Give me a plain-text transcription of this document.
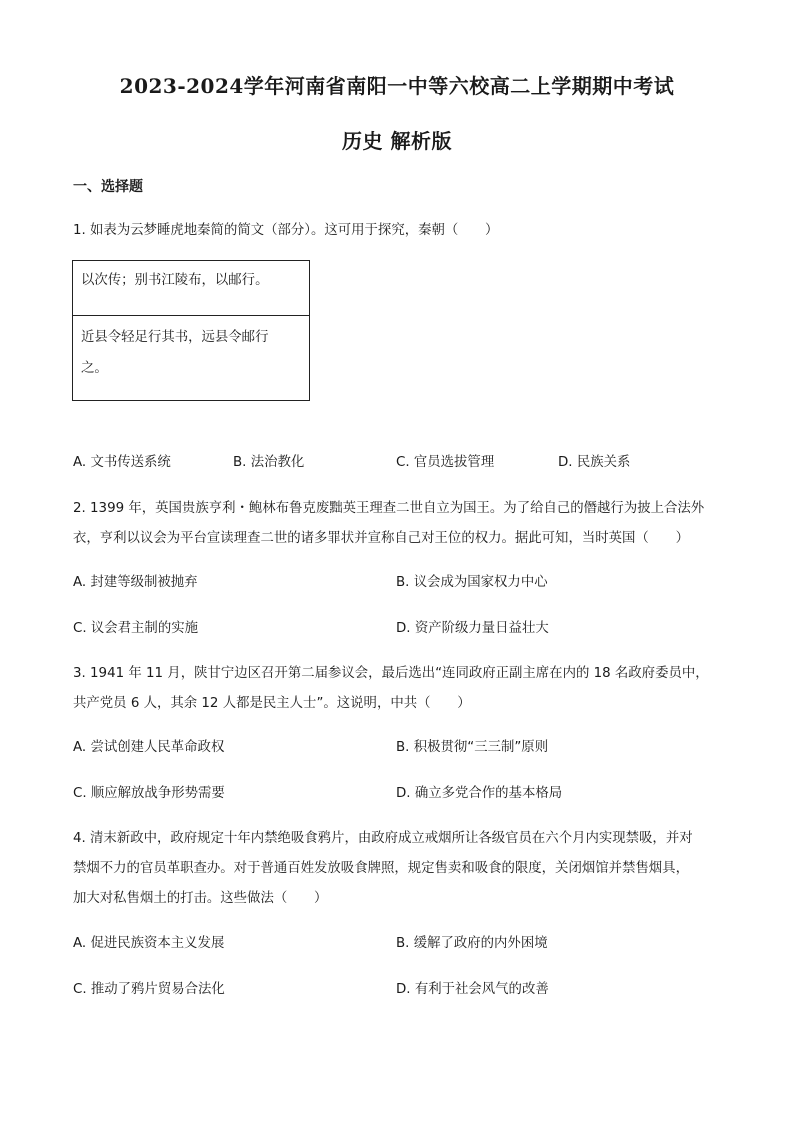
2023-2024学年河南省南阳一中等六校高二上学期期中考试
历史 解析版
一、选择题
1. 如表为云梦睡虎地秦简的简文（部分）。这可用于探究，秦朝（　　）
以次传；别书江陵布，以邮行。
近县令轻足行其书，远县令邮行
之。
A. 文书传送系统	B. 法治教化	C. 官员选拔管理	D. 民族关系
2. 1399 年，英国贵族亨利・鲍林布鲁克废黜英王理查二世自立为国王。为了给自己的僭越行为披上合法外
衣，亨利以议会为平台宣读理查二世的诸多罪状并宣称自己对王位的权力。据此可知，当时英国（　　）
A. 封建等级制被抛弃	B. 议会成为国家权力中心
C. 议会君主制的实施	D. 资产阶级力量日益壮大
3. 1941 年 11 月，陕甘宁边区召开第二届参议会，最后选出“连同政府正副主席在内的 18 名政府委员中，
共产党员 6 人，其余 12 人都是民主人士”。这说明，中共（　　）
A. 尝试创建人民革命政权	B. 积极贯彻“三三制”原则
C. 顺应解放战争形势需要	D. 确立多党合作的基本格局
4. 清末新政中，政府规定十年内禁绝吸食鸦片，由政府成立戒烟所让各级官员在六个月内实现禁吸，并对
禁烟不力的官员革职查办。对于普通百姓发放吸食牌照，规定售卖和吸食的限度，关闭烟馆并禁售烟具，
加大对私售烟土的打击。这些做法（　　）
A. 促进民族资本主义发展	B. 缓解了政府的内外困境
C. 推动了鸦片贸易合法化	D. 有利于社会风气的改善
